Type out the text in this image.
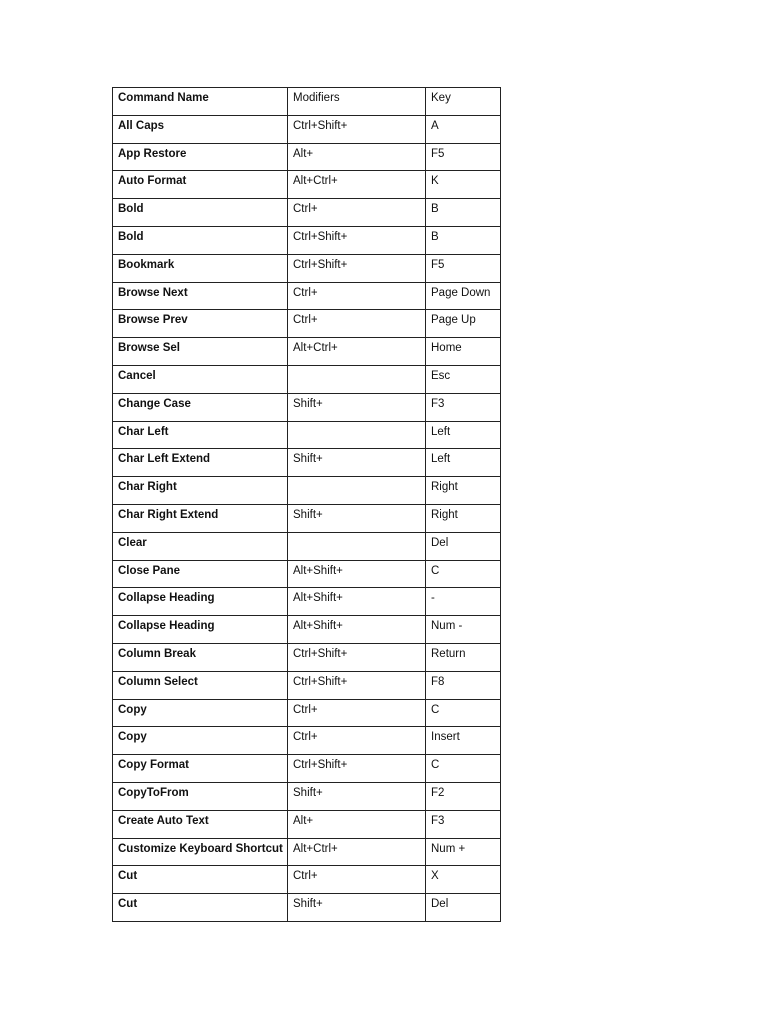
Command Name	Modifiers	Key
All Caps	Ctrl+Shift+	A
App Restore	Alt+	F5
Auto Format	Alt+Ctrl+	K
Bold	Ctrl+	B
Bold	Ctrl+Shift+	B
Bookmark	Ctrl+Shift+	F5
Browse Next	Ctrl+	Page Down
Browse Prev	Ctrl+	Page Up
Browse Sel	Alt+Ctrl+	Home
Cancel		Esc
Change Case	Shift+	F3
Char Left		Left
Char Left Extend	Shift+	Left
Char Right		Right
Char Right Extend	Shift+	Right
Clear		Del
Close Pane	Alt+Shift+	C
Collapse Heading	Alt+Shift+	-
Collapse Heading	Alt+Shift+	Num -
Column Break	Ctrl+Shift+	Return
Column Select	Ctrl+Shift+	F8
Copy	Ctrl+	C
Copy	Ctrl+	Insert
Copy Format	Ctrl+Shift+	C
CopyToFrom	Shift+	F2
Create Auto Text	Alt+	F3
Customize Keyboard Shortcut	Alt+Ctrl+	Num +
Cut	Ctrl+	X
Cut	Shift+	Del
